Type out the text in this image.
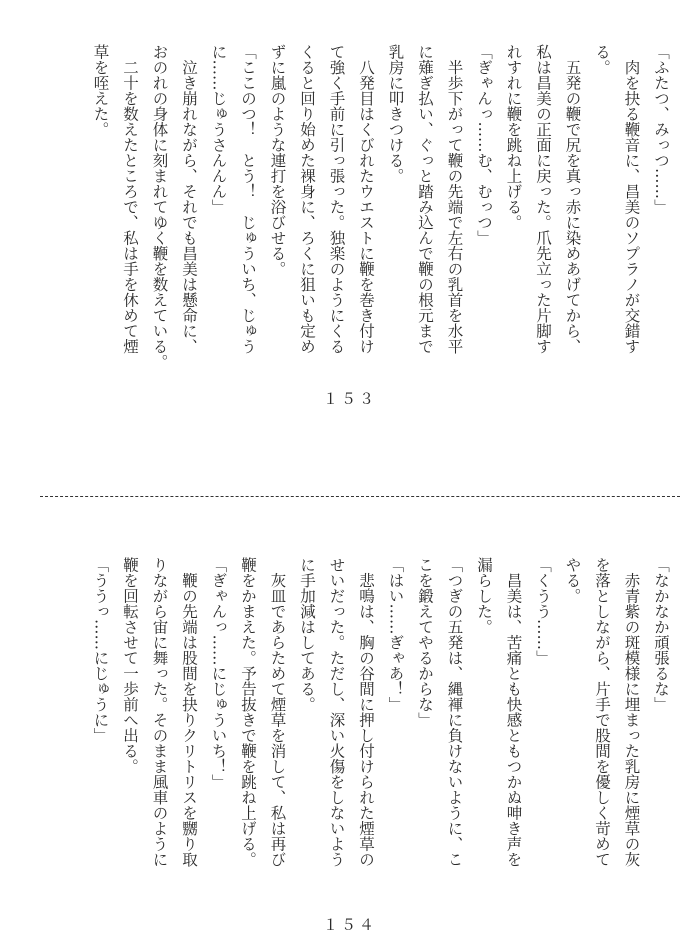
「ふたつ、みっつ……」
　肉を抉る鞭音に、昌美のソプラノが交錯す
る。
　五発の鞭で尻を真っ赤に染めあげてから、
私は昌美の正面に戻った。爪先立った片脚す
れすれに鞭を跳ね上げる。
「ぎゃんっ……む、むっつ」
　半歩下がって鞭の先端で左右の乳首を水平
に薙ぎ払い、ぐっと踏み込んで鞭の根元まで
乳房に叩きつける。
　八発目はくびれたウエストに鞭を巻き付け
て強く手前に引っ張った。独楽のようにくる
くると回り始めた裸身に、ろくに狙いも定め
ずに嵐のような連打を浴びせる。
「ここのつ！　とう！　じゅういち、じゅう
に……じゅうさんんん」
　泣き崩れながら、それでも昌美は懸命に、
おのれの身体に刻まれてゆく鞭を数えている。
　二十を数えたところで、私は手を休めて煙
草を咥えた。
１５３
「なかなか頑張るな」
　赤青紫の斑模様に埋まった乳房に煙草の灰
を落としながら、片手で股間を優しく苛めて
やる。
「くうう……」
　昌美は、苦痛とも快感ともつかぬ呻き声を
漏らした。
「つぎの五発は、縄褌に負けないように、こ
こを鍛えてやるからな」
「はい……ぎゃあ！」
　悲鳴は、胸の谷間に押し付けられた煙草の
せいだった。ただし、深い火傷をしないよう
に手加減はしてある。
　灰皿であらためて煙草を消して、私は再び
鞭をかまえた。予告抜きで鞭を跳ね上げる。
「ぎゃんっ……にじゅういち！」
　鞭の先端は股間を抉りクリトリスを嬲り取
りながら宙に舞った。そのまま風車のように
鞭を回転させて一歩前へ出る。
「ううっ……にじゅうに」
１５４
